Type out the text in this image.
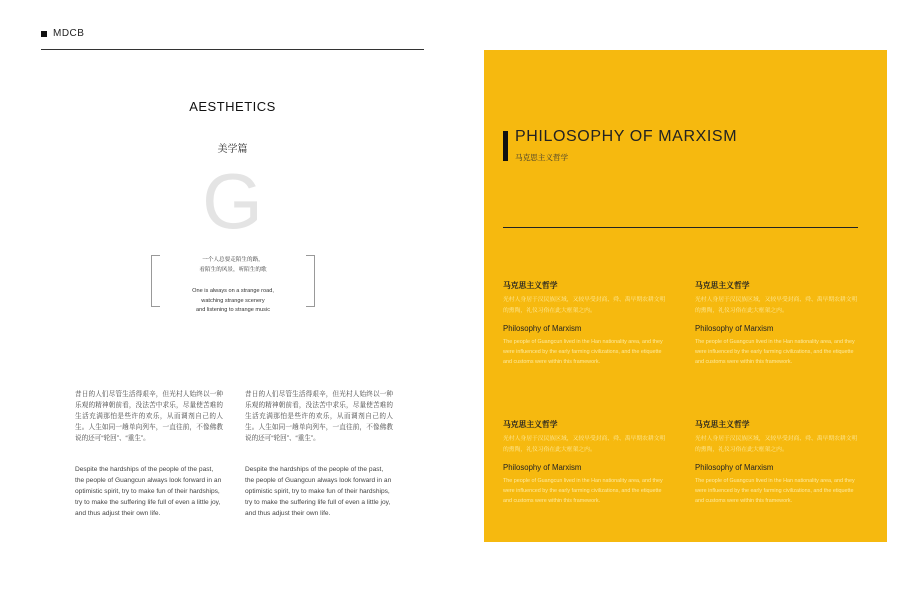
MDCB
AESTHETICS
美学篇
G
一个人总要走陌生的路，
看陌生的风景，听陌生的歌
One is always on a strange road,
watching strange scenery
and listening to strange music
昔日的人们尽管生活得艰辛，但光村人始终以一种乐观的精神朝前看，没法苦中求乐，尽量使苦难的生活充满那怕是些许的欢乐，从而调剂自己的人生。人生如同一趟单向列车，一直往前，不像佛教说的还可“轮回”、“重生”。
昔日的人们尽管生活得艰辛，但光村人始终以一种乐观的精神朝前看，没法苦中求乐，尽量使苦难的生活充满那怕是些许的欢乐，从而调剂自己的人生。人生如同一趟单向列车，一直往前，不像佛教说的还可“轮回”、“重生”。
Despite the hardships of the people of the past, the people of Guangcun always look forward in an optimistic spirit, try to make fun of their hardships, try to make the suffering life full of even a little joy, and thus adjust their own life.
Despite the hardships of the people of the past, the people of Guangcun always look forward in an optimistic spirit, try to make fun of their hardships, try to make the suffering life full of even a little joy, and thus adjust their own life.
PHILOSOPHY OF MARXISM
马克思主义哲学
马克思主义哲学
光村人身居于汉民族区域，又较早受封商、舜、禹早期农耕文明的熏陶，礼仪习俗在此大框架之内。
Philosophy of Marxism
The people of Guangcun lived in the Han nationality area, and they were influenced by the early farming civilizations, and the etiquette and customs were within this framework.
马克思主义哲学
光村人身居于汉民族区域，又较早受封商、舜、禹早期农耕文明的熏陶，礼仪习俗在此大框架之内。
Philosophy of Marxism
The people of Guangcun lived in the Han nationality area, and they were influenced by the early farming civilizations, and the etiquette and customs were within this framework.
马克思主义哲学
光村人身居于汉民族区域，又较早受封商、舜、禹早期农耕文明的熏陶，礼仪习俗在此大框架之内。
Philosophy of Marxism
The people of Guangcun lived in the Han nationality area, and they were influenced by the early farming civilizations, and the etiquette and customs were within this framework.
马克思主义哲学
光村人身居于汉民族区域，又较早受封商、舜、禹早期农耕文明的熏陶，礼仪习俗在此大框架之内。
Philosophy of Marxism
The people of Guangcun lived in the Han nationality area, and they were influenced by the early farming civilizations, and the etiquette and customs were within this framework.
